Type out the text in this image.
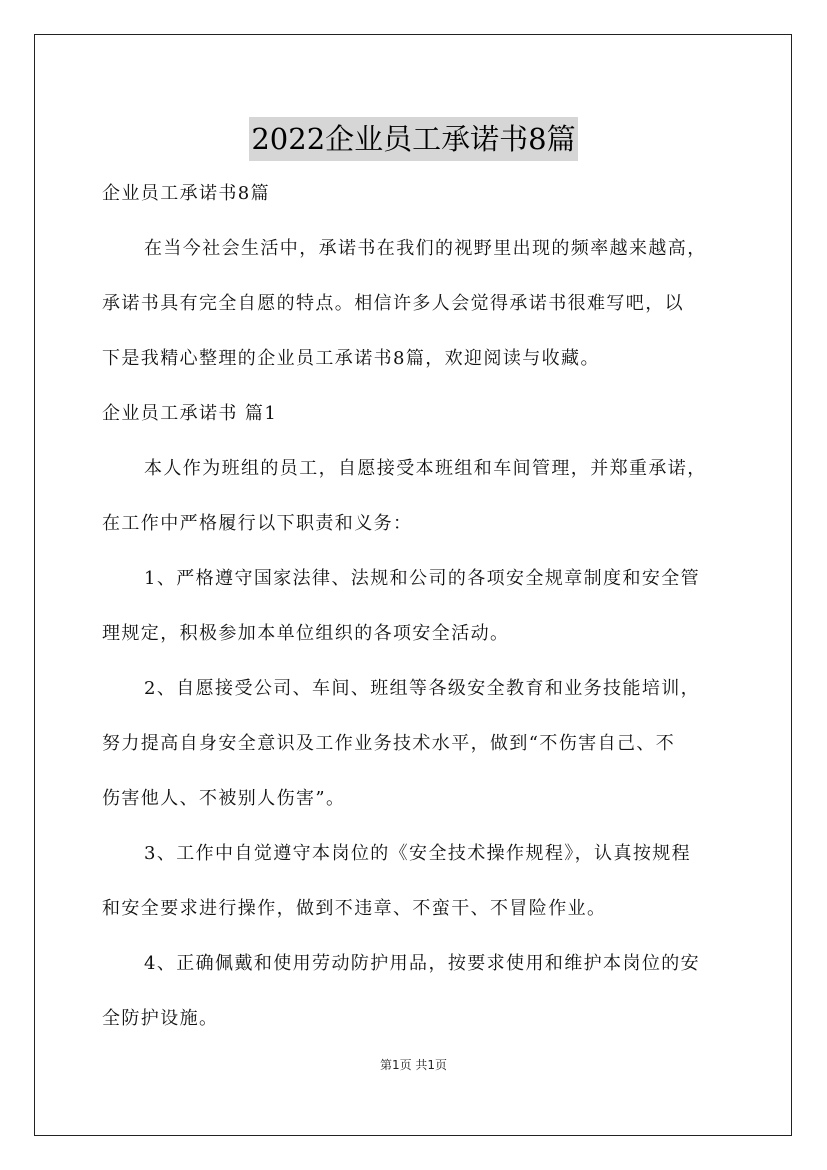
2022企业员工承诺书8篇
企业员工承诺书8篇
在当今社会生活中，承诺书在我们的视野里出现的频率越来越高，
承诺书具有完全自愿的特点。相信许多人会觉得承诺书很难写吧，以
下是我精心整理的企业员工承诺书8篇，欢迎阅读与收藏。
企业员工承诺书 篇1
本人作为班组的员工，自愿接受本班组和车间管理，并郑重承诺，
在工作中严格履行以下职责和义务：
1、严格遵守国家法律、法规和公司的各项安全规章制度和安全管
理规定，积极参加本单位组织的各项安全活动。
2、自愿接受公司、车间、班组等各级安全教育和业务技能培训，
努力提高自身安全意识及工作业务技术水平，做到“不伤害自己、不
伤害他人、不被别人伤害”。
3、工作中自觉遵守本岗位的《安全技术操作规程》，认真按规程
和安全要求进行操作，做到不违章、不蛮干、不冒险作业。
4、正确佩戴和使用劳动防护用品，按要求使用和维护本岗位的安
全防护设施。
第1页 共1页
